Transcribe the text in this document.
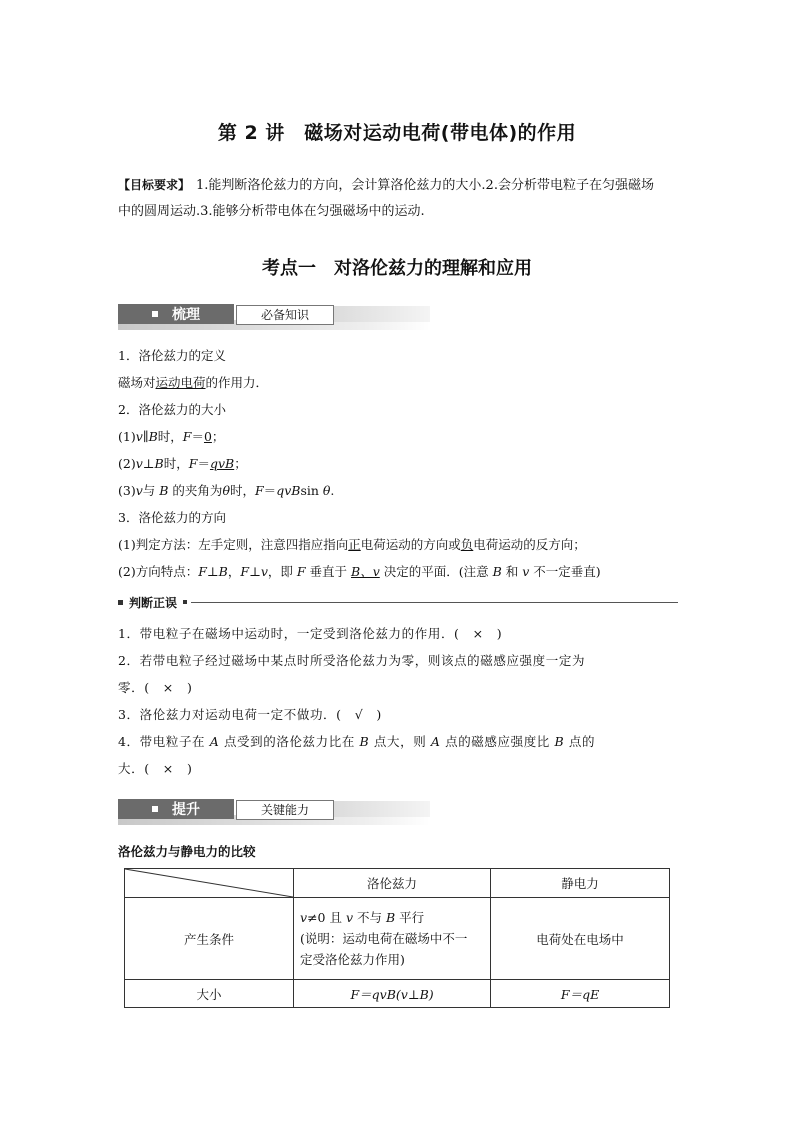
第 2 讲　磁场对运动电荷(带电体)的作用
【目标要求】 1.能判断洛伦兹力的方向，会计算洛伦兹力的大小.2.会分析带电粒子在匀强磁场
中的圆周运动.3.能够分析带电体在匀强磁场中的运动.
考点一　对洛伦兹力的理解和应用
梳理	必备知识
1．洛伦兹力的定义
磁场对运动电荷的作用力．
2．洛伦兹力的大小
(1)v∥B时，F＝0；
(2)v⊥B时，F＝qvB；
(3)v与 B 的夹角为θ时，F＝qvBsin θ.
3．洛伦兹力的方向
(1)判定方法：左手定则，注意四指应指向正电荷运动的方向或负电荷运动的反方向；
(2)方向特点：F⊥B，F⊥v，即 F 垂直于 B、v 决定的平面．(注意 B 和 v 不一定垂直)
判断正误
1．带电粒子在磁场中运动时，一定受到洛伦兹力的作用．(　×　)
2．若带电粒子经过磁场中某点时所受洛伦兹力为零，则该点的磁感应强度一定为
零．(　×　)
3．洛伦兹力对运动电荷一定不做功．(　√　)
4．带电粒子在 A 点受到的洛伦兹力比在 B 点大，则 A 点的磁感应强度比 B 点的
大．(　×　)
提升	关键能力
洛伦兹力与静电力的比较
	洛伦兹力	静电力
产生条件	v≠0 且 v 不与 B 平行
(说明：运动电荷在磁场中不一
定受洛伦兹力作用)	电荷处在电场中
大小	F＝qvB(v⊥B)	F＝qE
